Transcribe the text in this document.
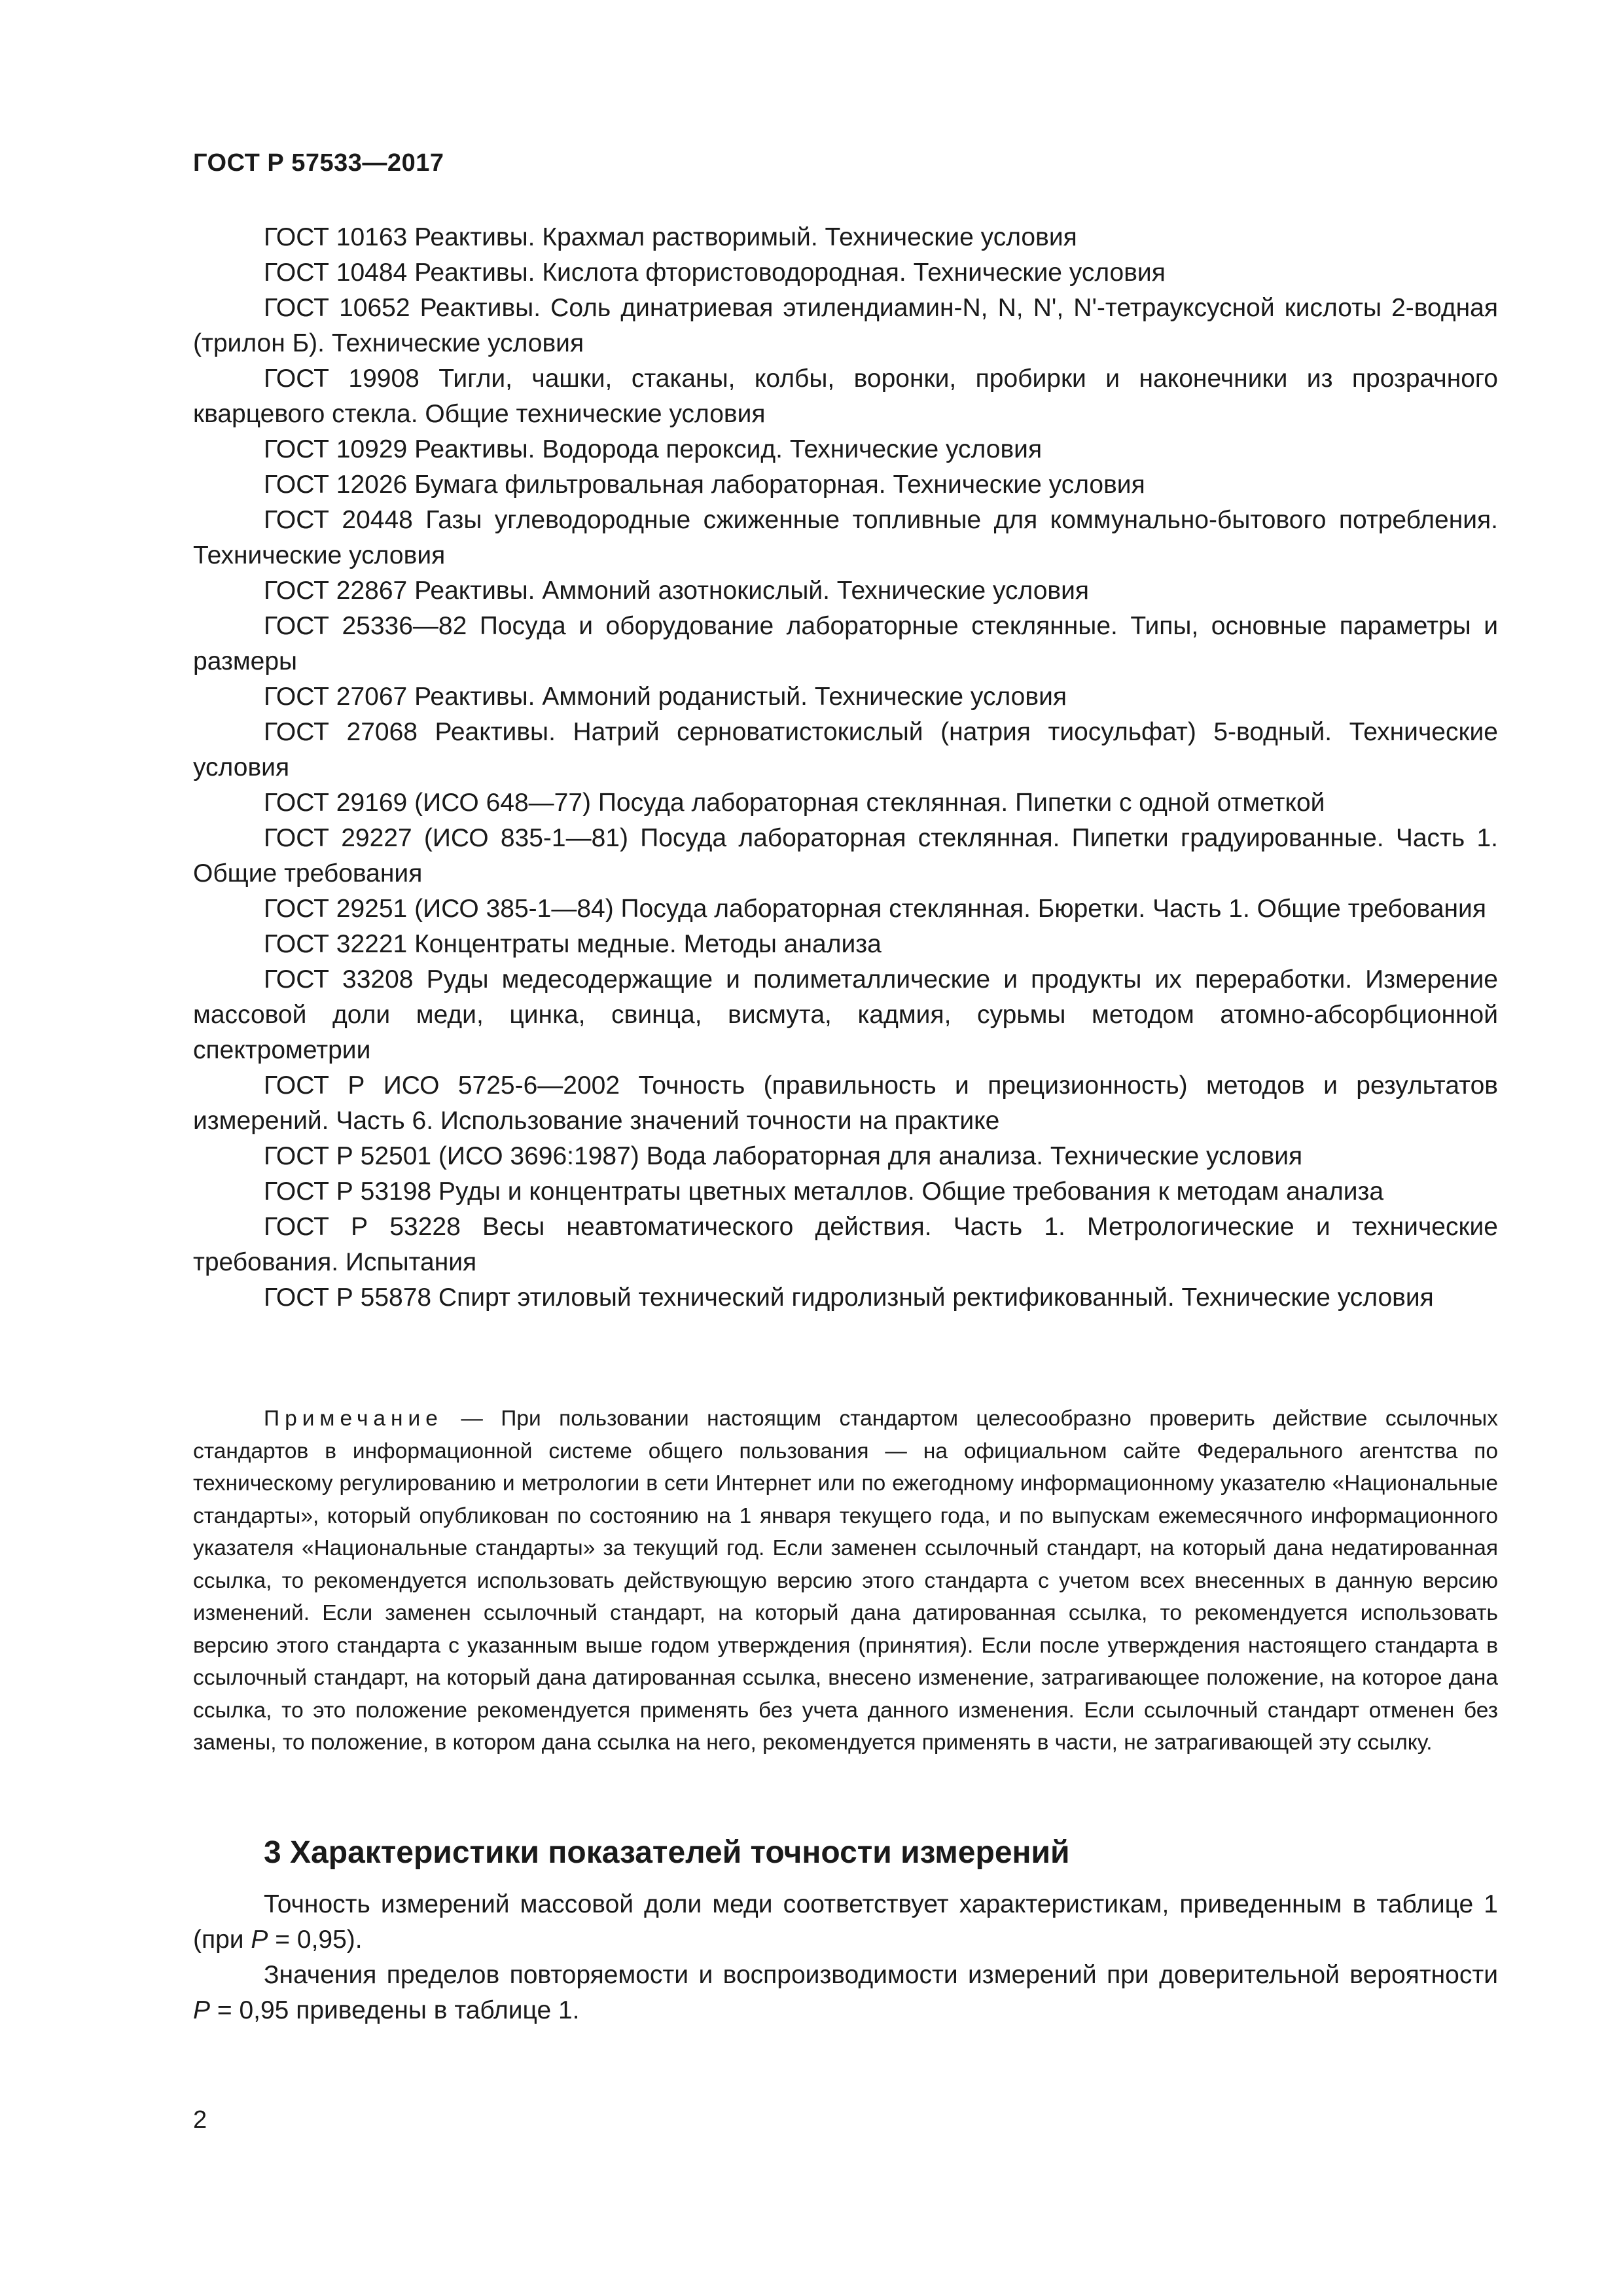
ГОСТ Р 57533—2017

ГОСТ 10163 Реактивы. Крахмал растворимый. Технические условия

ГОСТ 10484 Реактивы. Кислота фтористоводородная. Технические условия

ГОСТ 10652 Реактивы. Соль динатриевая этилендиамин-N, N, N', N'-тетрауксусной кислоты 2-водная (трилон Б). Технические условия

ГОСТ 19908 Тигли, чашки, стаканы, колбы, воронки, пробирки и наконечники из прозрачного кварцевого стекла. Общие технические условия

ГОСТ 10929 Реактивы. Водорода пероксид. Технические условия

ГОСТ 12026 Бумага фильтровальная лабораторная. Технические условия

ГОСТ 20448 Газы углеводородные сжиженные топливные для коммунально-бытового потребления. Технические условия

ГОСТ 22867 Реактивы. Аммоний азотнокислый. Технические условия

ГОСТ 25336—82 Посуда и оборудование лабораторные стеклянные. Типы, основные параметры и размеры

ГОСТ 27067 Реактивы. Аммоний роданистый. Технические условия

ГОСТ 27068 Реактивы. Натрий серноватистокислый (натрия тиосульфат) 5-водный. Технические условия

ГОСТ 29169 (ИСО 648—77) Посуда лабораторная стеклянная. Пипетки с одной отметкой

ГОСТ 29227 (ИСО 835-1—81) Посуда лабораторная стеклянная. Пипетки градуированные. Часть 1. Общие требования

ГОСТ 29251 (ИСО 385-1—84) Посуда лабораторная стеклянная. Бюретки. Часть 1. Общие требования

ГОСТ 32221 Концентраты медные. Методы анализа

ГОСТ 33208 Руды медесодержащие и полиметаллические и продукты их переработки. Измерение массовой доли меди, цинка, свинца, висмута, кадмия, сурьмы методом атомно-абсорбционной спектрометрии

ГОСТ Р ИСО 5725-6—2002 Точность (правильность и прецизионность) методов и результатов измерений. Часть 6. Использование значений точности на практике

ГОСТ Р 52501 (ИСО 3696:1987) Вода лабораторная для анализа. Технические условия

ГОСТ Р 53198 Руды и концентраты цветных металлов. Общие требования к методам анализа

ГОСТ Р 53228 Весы неавтоматического действия. Часть 1. Метрологические и технические требования. Испытания

ГОСТ Р 55878 Спирт этиловый технический гидролизный ректификованный. Технические условия

Примечание — При пользовании настоящим стандартом целесообразно проверить действие ссылочных стандартов в информационной системе общего пользования — на официальном сайте Федерального агентства по техническому регулированию и метрологии в сети Интернет или по ежегодному информационному указателю «Национальные стандарты», который опубликован по состоянию на 1 января текущего года, и по выпускам ежемесячного информационного указателя «Национальные стандарты» за текущий год. Если заменен ссылочный стандарт, на который дана недатированная ссылка, то рекомендуется использовать действующую версию этого стандарта с учетом всех внесенных в данную версию изменений. Если заменен ссылочный стандарт, на который дана датированная ссылка, то рекомендуется использовать версию этого стандарта с указанным выше годом утверждения (принятия). Если после утверждения настоящего стандарта в ссылочный стандарт, на который дана датированная ссылка, внесено изменение, затрагивающее положение, на которое дана ссылка, то это положение рекомендуется применять без учета данного изменения. Если ссылочный стандарт отменен без замены, то положение, в котором дана ссылка на него, рекомендуется применять в части, не затрагивающей эту ссылку.

3 Характеристики показателей точности измерений

Точность измерений массовой доли меди соответствует характеристикам, приведенным в таблице 1 (при P = 0,95).

Значения пределов повторяемости и воспроизводимости измерений при доверительной вероятности P = 0,95 приведены в таблице 1.

2
